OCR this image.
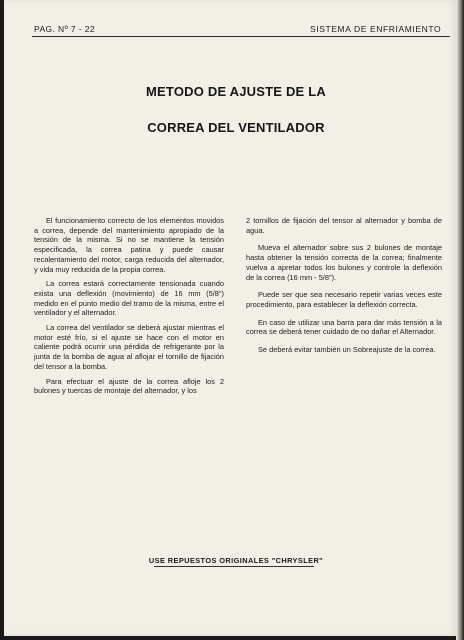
PAG. Nº 7 - 22	SISTEMA DE ENFRIAMIENTO
METODO DE AJUSTE DE LA
CORREA DEL VENTILADOR

El funcionamiento correcto de los elementos movidos a correa, depende del mantenimiento apropiado de la tensión de la misma. Si no se mantiene la tensión especificada, la correa patina y puede causar recalentamiento del motor, carga reducida del alternador, y vida muy reducida de la propia correa.

La correa estará correctamente tensionada cuando exista una deflexión (movimiento) de 16 mm (5/8") medido en el punto medio del tramo de la misma, entre el ventilador y el alternador.

La correa del ventilador se deberá ajustar mientras el motor esté frío, si el ajuste se hace con el motor en caliente podrá ocurrir una pérdida de refrigerante por la junta de la bomba de agua al aflojar el tornillo de fijación del tensor a la bomba.

Para efectuar el ajuste de la correa afloje los 2 bulones y tuercas de montaje del alternador, y los

2 tornillos de fijación del tensor al alternador y bomba de agua.

Mueva el alternador sobre sus 2 bulones de montaje hasta obtener la tensión correcta de la correa; finalmente vuelva a apretar todos los bulones y controle la deflexión de la correa (16 mm - 5/8").

Puede ser que sea necesario repetir varias veces este procedimiento, para establecer la deflexión correcta.

En caso de utilizar una barra para dar más tensión a la correa se deberá tener cuidado de no dañar el Alternador.

Se deberá evitar también un Sobreajuste de la correa.

USE REPUESTOS ORIGINALES "CHRYSLER"
